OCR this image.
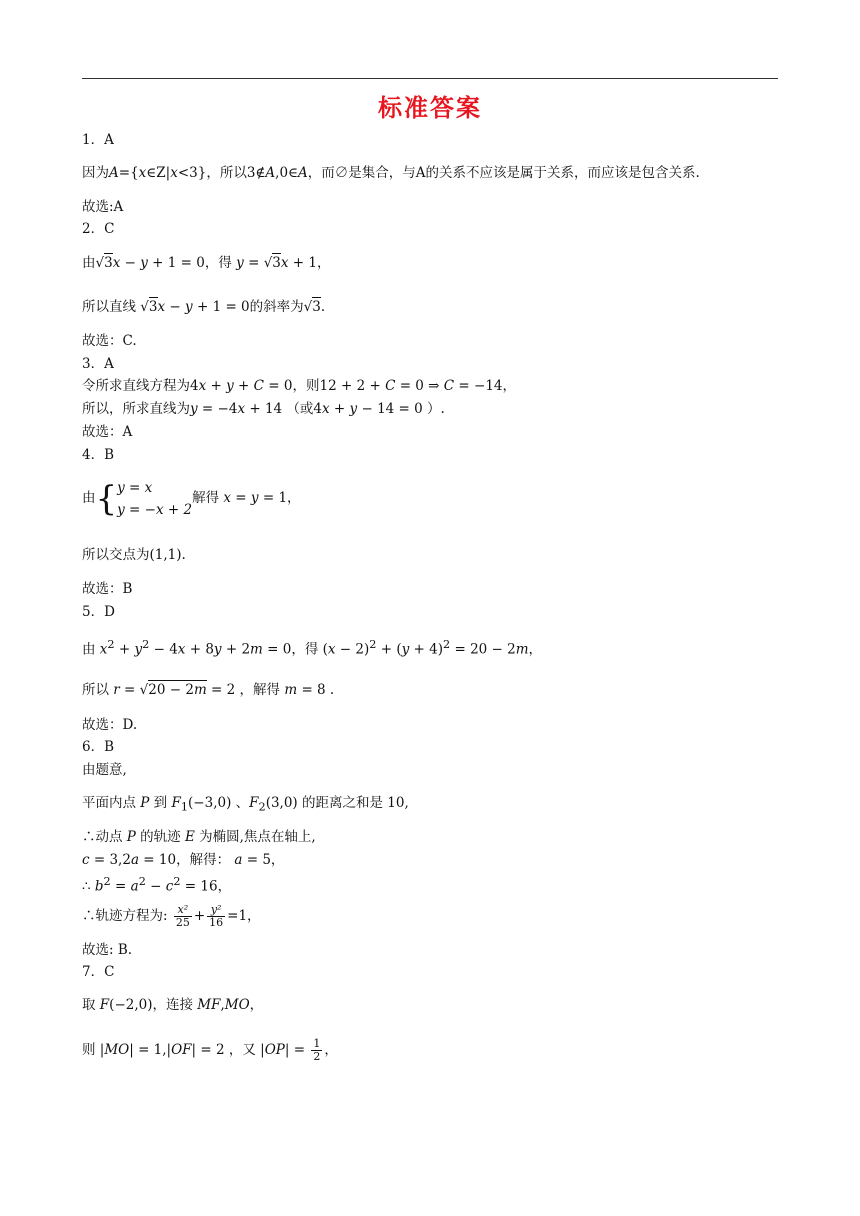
标准答案
1．A
因为A={x∈Z|x<3}，所以3∉A,0∈A，而∅是集合，与A的关系不应该是属于关系，而应该是包含关系.
故选:A
2．C
由√3x − y + 1 = 0，得 y = √3x + 1，
所以直线 √3x − y + 1 = 0的斜率为√3.
故选：C.
3．A
令所求直线方程为4x + y + C = 0，则12 + 2 + C = 0 ⇒ C = −14，
所以，所求直线为y = −4x + 14 （或4x + y − 14 = 0 ）.
故选：A
4．B
由{ y = x
y = −x + 2
解得 x = y = 1，
所以交点为(1,1).
故选：B
5．D
由 $x^2 + y^2 - 4x + 8y + 2m = 0$，得 $(x - 2)^2 + (y + 4)^2 = 20 - 2m$，
所以 r = √20 − 2m = 2 ，解得 m = 8 .
故选：D.
6．B
由题意,
平面内点 P 到 $F_1(-3,0)$ 、$F_2(3,0)$ 的距离之和是 10,
∴动点 P 的轨迹 E 为椭圆,焦点在轴上,
c = 3,2a = 10，解得： a = 5，
∴ $b^2 = a^2 - c^2 = 16$，
∴轨迹方程为: $\frac{\text{x²}}{25} + \frac{\text{y²}}{16} =1$，
故选: B.
7．C
取 F(−2,0)，连接 MF,MO，
则 |MO| = 1,|OF| = 2 ，又 $|OP| = \frac{1}{2}$ ，
